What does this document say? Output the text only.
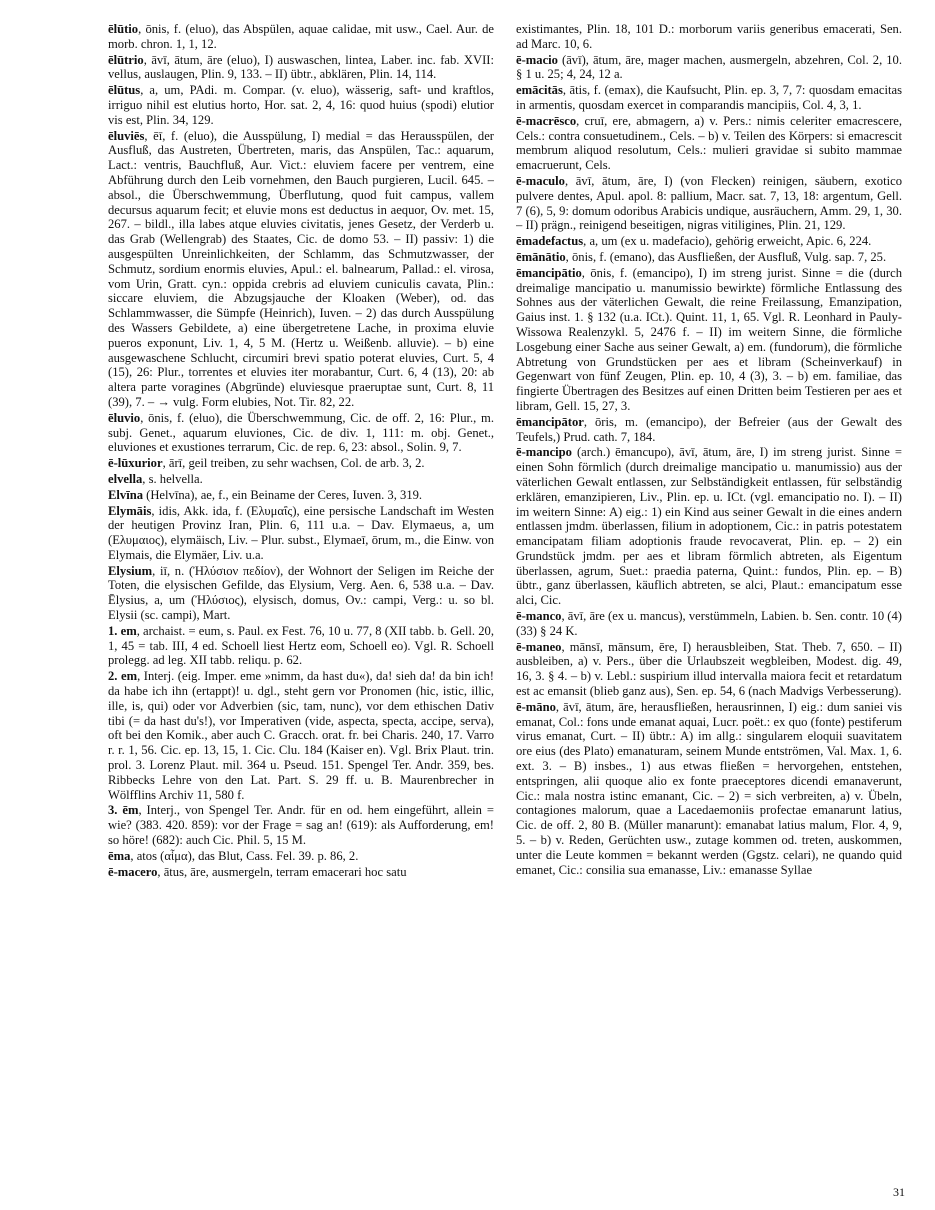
ēlūtio, ōnis, f. (eluo), das Abspülen, aquae calidae, mit usw., Cael. Aur. de morb. chron. 1, 1, 12.

ēlūtrio, āvī, ātum, āre (eluo), I) auswaschen, lintea, Laber. inc. fab. XVII: vellus, auslaugen, Plin. 9, 133. – II) übtr., abklären, Plin. 14, 114.

ēlūtus, a, um, PAdi. m. Compar. (v. eluo), wässerig, saft- und kraftlos, irriguo nihil est elutius horto, Hor. sat. 2, 4, 16: quod huius (spodi) elutior vis est, Plin. 34, 129.

ēluviēs, ēī, f. (eluo), die Ausspülung, I) medial = das Herausspülen, der Ausfluß, das Austreten, Übertreten, maris, das Anspülen, Tac.: aquarum, Lact.: ventris, Bauchfluß, Aur. Vict.: eluviem facere per ventrem, eine Abführung durch den Leib vornehmen, den Bauch purgieren, Lucil. 645. – absol., die Überschwemmung, Überflutung, quod fuit campus, vallem decursus aquarum fecit; et eluvie mons est deductus in aequor, Ov. met. 15, 267. – bildl., illa labes atque eluvies civitatis, jenes Gesetz, der Verderb u. das Grab (Wellengrab) des Staates, Cic. de domo 53. – II) passiv: 1) die ausgespülten Unreinlichkeiten, der Schlamm, das Schmutzwasser, der Schmutz, sordium enormis eluvies, Apul.: el. balnearum, Pallad.: el. virosa, vom Urin, Gratt. cyn.: oppida crebris ad eluviem cuniculis cavata, Plin.: siccare eluviem, die Abzugsjauche der Kloaken (Weber), od. das Schlammwasser, die Sümpfe (Heinrich), Iuven. – 2) das durch Ausspülung des Wassers Gebildete, a) eine übergetretene Lache, in proxima eluvie pueros exponunt, Liv. 1, 4, 5 M. (Hertz u. Weißenb. alluvie). – b) eine ausgewaschene Schlucht, circumiri brevi spatio poterat eluvies, Curt. 5, 4 (15), 26: Plur., torrentes et eluvies iter morabantur, Curt. 6, 4 (13), 20: ab altera parte voragines (Abgründe) eluviesque praeruptae sunt, Curt. 8, 11 (39), 7. – → vulg. Form elubies, Not. Tir. 82, 22.

ēluvio, ōnis, f. (eluo), die Überschwemmung, Cic. de off. 2, 16: Plur., m. subj. Genet., aquarum eluviones, Cic. de div. 1, 111: m. obj. Genet., eluviones et exustiones terrarum, Cic. de rep. 6, 23: absol., Solin. 9, 7.

ē-lūxurior, ārī, geil treiben, zu sehr wachsen, Col. de arb. 3, 2.

elvella, s. helvella.

Elvīna (Helvīna), ae, f., ein Beiname der Ceres, Iuven. 3, 319.

Elymāis, idis, Akk. ida, f. (Ελυμαΐς), eine persische Landschaft im Westen der heutigen Provinz Iran, Plin. 6, 111 u.a. – Dav. Elymaeus, a, um (Ελυμαιος), elymäisch, Liv. – Plur. subst., Elymaeī, ōrum, m., die Einw. von Elymais, die Elymäer, Liv. u.a.

Elysium, iī, n. (Ἠλύσιον πεδίον), der Wohnort der Seligen im Reiche der Toten, die elysischen Gefilde, das Elysium, Verg. Aen. 6, 538 u.a. – Dav. Ēlysius, a, um (Ἠλύσιος), elysisch, domus, Ov.: campi, Verg.: u. so bl. Elysii (sc. campi), Mart.

1. em, archaist. = eum, s. Paul. ex Fest. 76, 10 u. 77, 8 (XII tabb. b. Gell. 20, 1, 45 = tab. III, 4 ed. Schoell liest Hertz eom, Schoell eo). Vgl. R. Schoell prolegg. ad leg. XII tabb. reliqu. p. 62.

2. em, Interj. (eig. Imper. eme »nimm, da hast du«), da! sieh da! da bin ich! da habe ich ihn (ertappt)! u. dgl., steht gern vor Pronomen (hic, istic, illic, ille, is, qui) oder vor Adverbien (sic, tam, nunc), vor dem ethischen Dativ tibi (= da hast du's!), vor Imperativen (vide, aspecta, specta, accipe, serva), oft bei den Komik., aber auch C. Gracch. orat. fr. bei Charis. 240, 17. Varro r. r. 1, 56. Cic. ep. 13, 15, 1. Cic. Clu. 184 (Kaiser en). Vgl. Brix Plaut. trin. prol. 3. Lorenz Plaut. mil. 364 u. Pseud. 151. Spengel Ter. Andr. 359, bes. Ribbecks Lehre von den Lat. Part. S. 29 ff. u. B. Maurenbrecher in Wölfflins Archiv 11, 580 f.

3. ēm, Interj., von Spengel Ter. Andr. für en od. hem eingeführt, allein = wie? (383. 420. 859): vor der Frage = sag an! (619): als Aufforderung, em! so höre! (682): auch Cic. Phil. 5, 15 M.

ēma, atos (αἷμα), das Blut, Cass. Fel. 39. p. 86, 2.

ē-macero, ātus, āre, ausmergeln, terram emacerari hoc satu

existimantes, Plin. 18, 101 D.: morborum variis generibus emacerati, Sen. ad Marc. 10, 6.

ē-macio (āvī), ātum, āre, mager machen, ausmergeln, abzehren, Col. 2, 10. § 1 u. 25; 4, 24, 12 a.

emācitās, ātis, f. (emax), die Kaufsucht, Plin. ep. 3, 7, 7: quosdam emacitas in armentis, quosdam exercet in comparandis mancipiis, Col. 4, 3, 1.

ē-macrēsco, cruī, ere, abmagern, a) v. Pers.: nimis celeriter emacrescere, Cels.: contra consuetudinem., Cels. – b) v. Teilen des Körpers: si emacrescit membrum aliquod resolutum, Cels.: mulieri gravidae si subito mammae emacruerunt, Cels.

ē-maculo, āvī, ātum, āre, I) (von Flecken) reinigen, säubern, exotico pulvere dentes, Apul. apol. 8: pallium, Macr. sat. 7, 13, 18: argentum, Gell. 7 (6), 5, 9: domum odoribus Arabicis undique, ausräuchern, Amm. 29, 1, 30. – II) prägn., reinigend beseitigen, nigras vitiligines, Plin. 21, 129.

ēmadefactus, a, um (ex u. madefacio), gehörig erweicht, Apic. 6, 224.

ēmānātio, ōnis, f. (emano), das Ausfließen, der Ausfluß, Vulg. sap. 7, 25.

ēmancipātio, ōnis, f. (emancipo), I) im streng jurist. Sinne = die (durch dreimalige mancipatio u. manumissio bewirkte) förmliche Entlassung des Sohnes aus der väterlichen Gewalt, die reine Freilassung, Emanzipation, Gaius inst. 1. § 132 (u.a. ICt.). Quint. 11, 1, 65. Vgl. R. Leonhard in Pauly-Wissowa Realenzykl. 5, 2476 f. – II) im weitern Sinne, die förmliche Losgebung einer Sache aus seiner Gewalt, a) em. (fundorum), die förmliche Abtretung von Grundstücken per aes et libram (Scheinverkauf) in Gegenwart von fünf Zeugen, Plin. ep. 10, 4 (3), 3. – b) em. familiae, das fingierte Übertragen des Besitzes auf einen Dritten beim Testieren per aes et libram, Gell. 15, 27, 3.

ēmancipātor, ōris, m. (emancipo), der Befreier (aus der Gewalt des Teufels,) Prud. cath. 7, 184.

ē-mancipo (arch.) ēmancupo), āvī, ātum, āre, I) im streng jurist. Sinne = einen Sohn förmlich (durch dreimalige mancipatio u. manumissio) aus der väterlichen Gewalt entlassen, zur Selbständigkeit entlassen, für selbständig erklären, emanzipieren, Liv., Plin. ep. u. ICt. (vgl. emancipatio no. I). – II) im weitern Sinne: A) eig.: 1) ein Kind aus seiner Gewalt in die eines andern entlassen jmdm. überlassen, filium in adoptionem, Cic.: in patris potestatem emancipatam filiam adoptionis fraude revocaverat, Plin. ep. – 2) ein Grundstück jmdm. per aes et libram förmlich abtreten, als Eigentum überlassen, agrum, Suet.: praedia paterna, Quint.: fundos, Plin. ep. – B) übtr., ganz überlassen, käuflich abtreten, se alci, Plaut.: emancipatum esse alci, Cic.

ē-manco, āvī, āre (ex u. mancus), verstümmeln, Labien. b. Sen. contr. 10 (4) (33) § 24 K.

ē-maneo, mānsī, mānsum, ēre, I) herausbleiben, Stat. Theb. 7, 650. – II) ausbleiben, a) v. Pers., über die Urlaubszeit wegbleiben, Modest. dig. 49, 16, 3. § 4. – b) v. Lebl.: suspirium illud intervalla maiora fecit et retardatum est ac emansit (blieb ganz aus), Sen. ep. 54, 6 (nach Madvigs Verbesserung).

ē-māno, āvī, ātum, āre, herausfließen, herausrinnen, I) eig.: dum saniei vis emanat, Col.: fons unde emanat aquai, Lucr. poët.: ex quo (fonte) pestiferum virus emanat, Curt. – II) übtr.: A) im allg.: singularem eloquii suavitatem ore eius (des Plato) emanaturam, seinem Munde entströmen, Val. Max. 1, 6. ext. 3. – B) insbes., 1) aus etwas fließen = hervorgehen, entstehen, entspringen, alii quoque alio ex fonte praeceptores dicendi emanaverunt, Cic.: mala nostra istinc emanant, Cic. – 2) = sich verbreiten, a) v. Übeln, contagiones malorum, quae a Lacedaemoniis profectae emanarunt latius, Cic. de off. 2, 80 B. (Müller manarunt): emanabat latius malum, Flor. 4, 9, 5. – b) v. Reden, Gerüchten usw., zutage kommen od. treten, auskommen, unter die Leute kommen = bekannt werden (Ggstz. celari), ne quando quid emanet, Cic.: consilia sua emanasse, Liv.: emanasse Syllae

31
